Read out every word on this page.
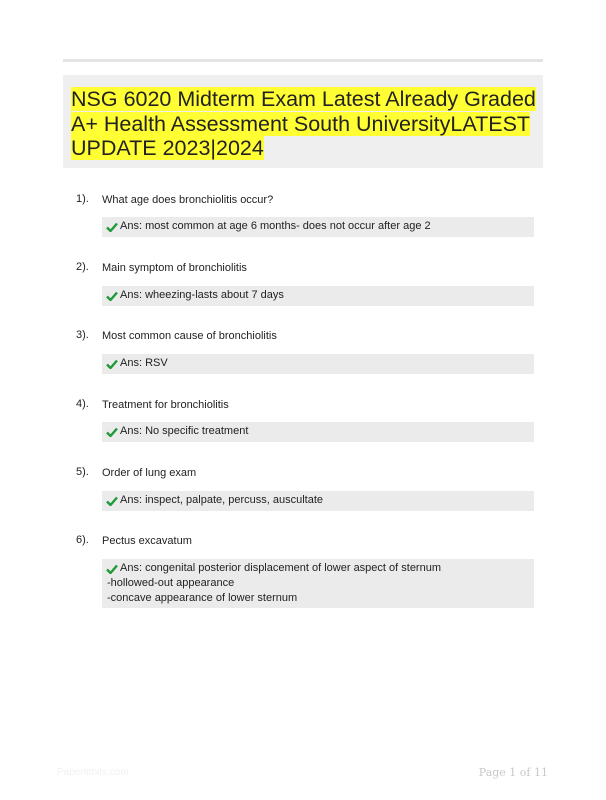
NSG 6020 Midterm Exam Latest Already Graded A+ Health Assessment South UniversityLATEST UPDATE 2023|2024
1). What age does bronchiolitis occur?
Ans: most common at age 6 months- does not occur after age 2
2). Main symptom of bronchiolitis
Ans: wheezing-lasts about 7 days
3). Most common cause of bronchiolitis
Ans: RSV
4). Treatment for bronchiolitis
Ans: No specific treatment
5). Order of lung exam
Ans: inspect, palpate, percuss, auscultate
6). Pectus excavatum
Ans: congenital posterior displacement of lower aspect of sternum
-hollowed-out appearance
-concave appearance of lower sternum
Papertitbits.com	Page 1 of 11
